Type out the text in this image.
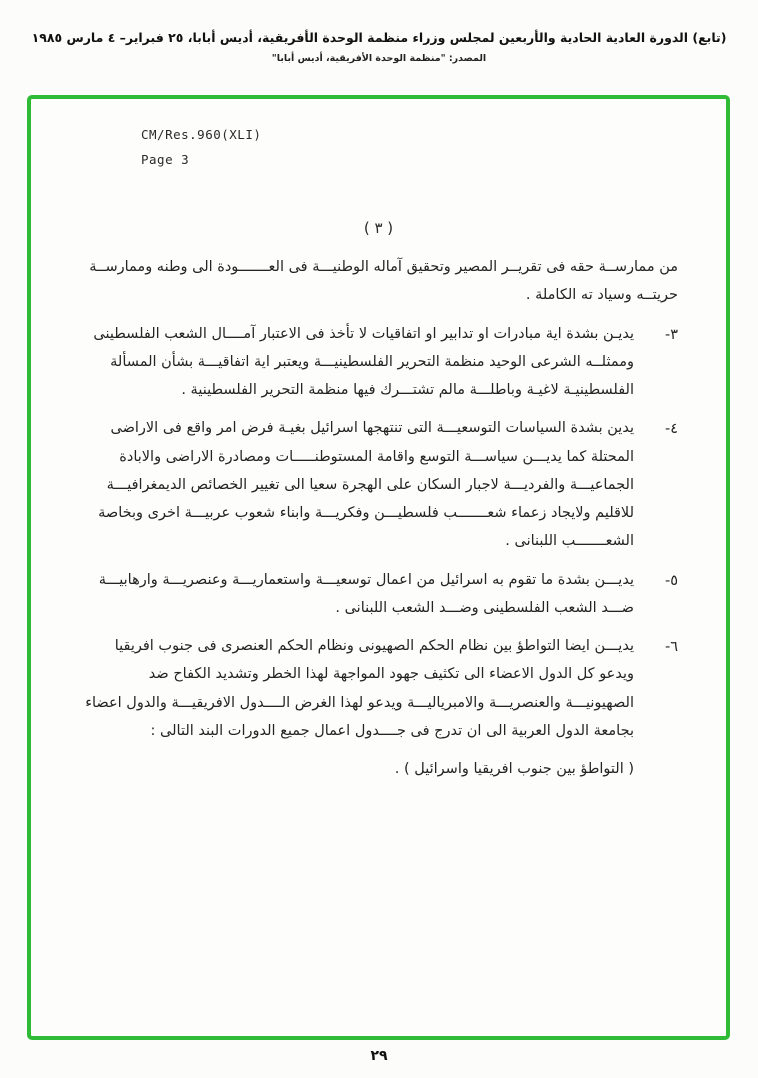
(تابع) الدورة العادية الحادية والأربعين لمجلس وزراء منظمة الوحدة الأفريقية، أديس أبابا، ٢٥ فبراير– ٤ مارس ١٩٨٥
المصدر: "منظمة الوحدة الأفريقية، أديس أبابا"
CM/Res.960(XLI)
Page 3
( ٣ )
من ممارســة حقه فى تقريــر المصير وتحقيق آماله الوطنيـــة فى العـــــــودة الى وطنه وممارســة حريتــه وسياد ته الكاملة .
٣-
يديـن بشدة اية مبادرات او تدابير او اتفاقيات لا تأخذ فى الاعتبار آمــــال الشعب الفلسطينى وممثلــه الشرعى الوحيد منظمة التحرير الفلسطينيـــة ويعتبر اية اتفاقيـــة بشأن المسألة الفلسطينيـة لاغيـة وباطلـــة مالم تشتـــرك فيها منظمة التحرير الفلسطينية .
٤-
يدين بشدة السياسات التوسعيـــة التى تنتهجها اسرائيل بغيـة فرض امر واقع فى الاراضى المحتلة كما يديـــن سياســـة التوسع واقامة المستوطنـــــات ومصادرة الاراضى والابادة الجماعيـــة والفرديـــة لاجبار السكان على الهجرة سعيا الى تغيير الخصائص الديمغرافيـــة للاقليم ولايجاد زعماء شعـــــــب فلسطيـــن وفكريـــة وابناء شعوب عربيـــة اخرى وبخاصة الشعـــــــب اللبنانى .
٥-
يديـــن بشدة ما تقوم به اسرائيل من اعمال توسعيـــة واستعماريـــة وعنصريـــة وارهابيـــة ضـــد الشعب الفلسطينى وضـــد الشعب اللبنانى .
٦-
يديـــن ايضا التواطؤ بين نظام الحكم الصهيونى ونظام الحكم العنصرى فى جنوب افريقيا ويدعو كل الدول الاعضاء الى تكثيف جهود المواجهة لهذا الخطر وتشديد الكفاح ضد الصهيونيـــة والعنصريـــة والامبرياليـــة ويدعو لهذا الغرض الــــدول الافريقيـــة والدول اعضاء بجامعة الدول العربية الى ان تدرج فى جــــدول اعمال جميع الدورات البند التالى :
( التواطؤ بين جنوب افريقيا واسرائيل ) .
٢٩
